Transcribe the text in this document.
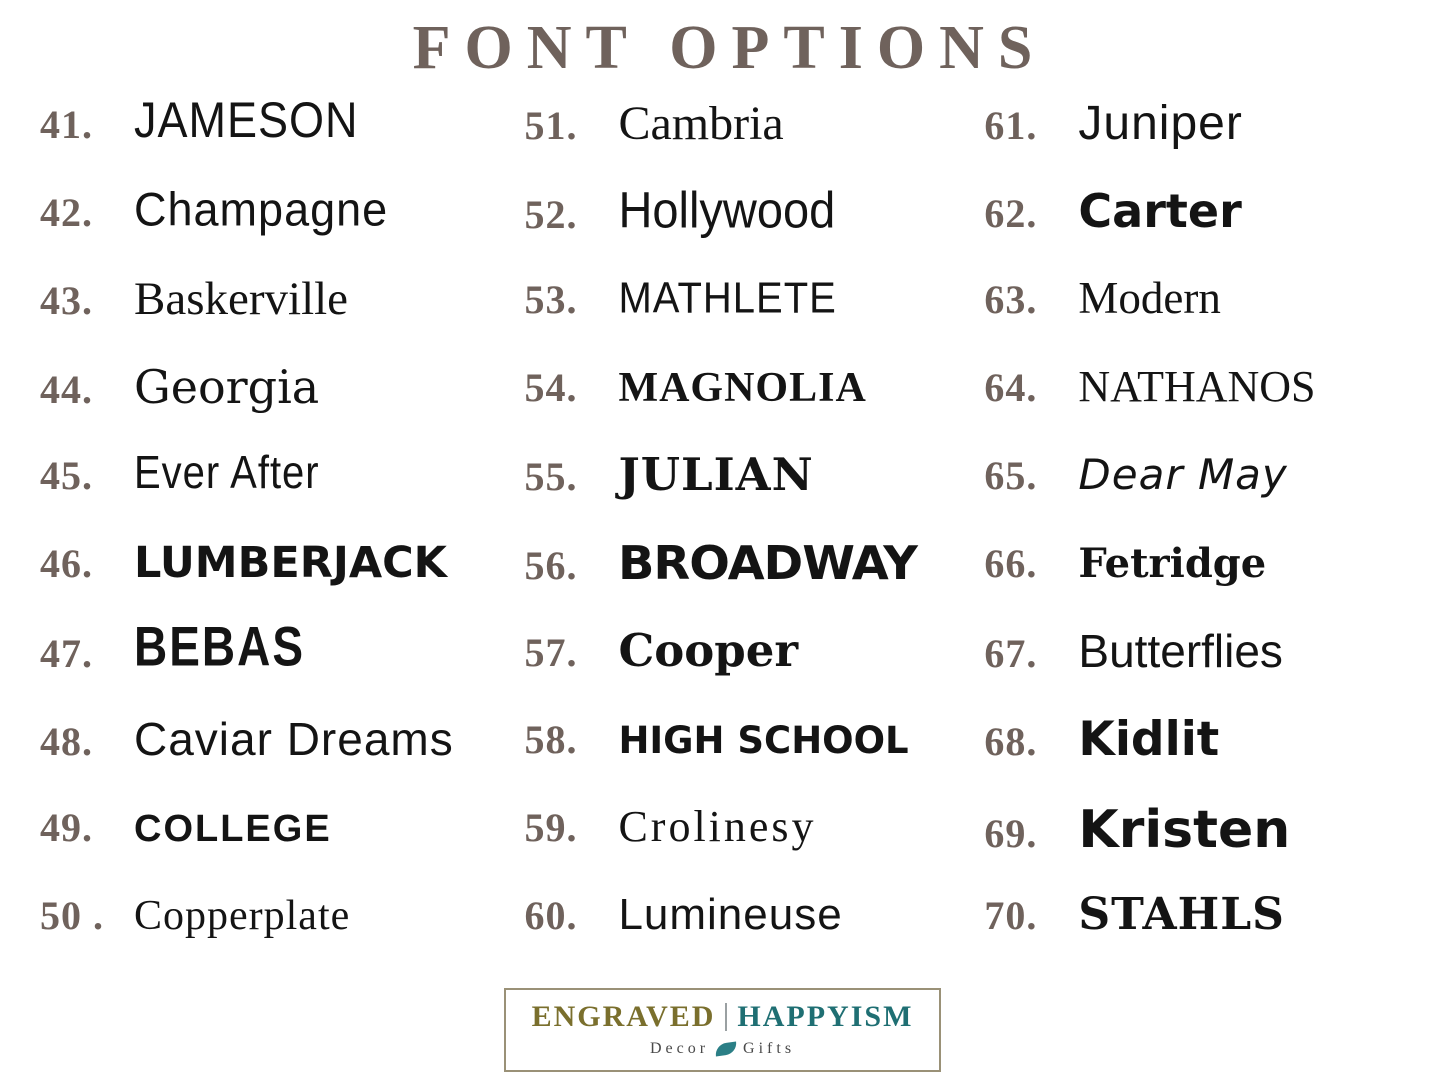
FONT OPTIONS
41. JAMESON
42. Champagne
43. Baskerville
44. Georgia
45.	Ever After
46. LUMBERJACK
47. BEBAS
48. Caviar Dreams
49.	COLLEGE
50 . Copperplate
51. Cambria
52. Hollywood
53.	MATHLETE
54. MAGNOLIA
55. JULIAN
56. BROADWAY
57. Cooper
58.	HIGH SCHOOL
59. Crolinesy
60. Lumineuse
61. Juniper
62. Carter
63. Modern
64. NATHANOS
65. Dear May
66.	Fetridge
67. Butterflies
68. Kidlit
69. Kristen
70. STAHLS
ENGRAVED HAPPYISM
Decor Gifts
